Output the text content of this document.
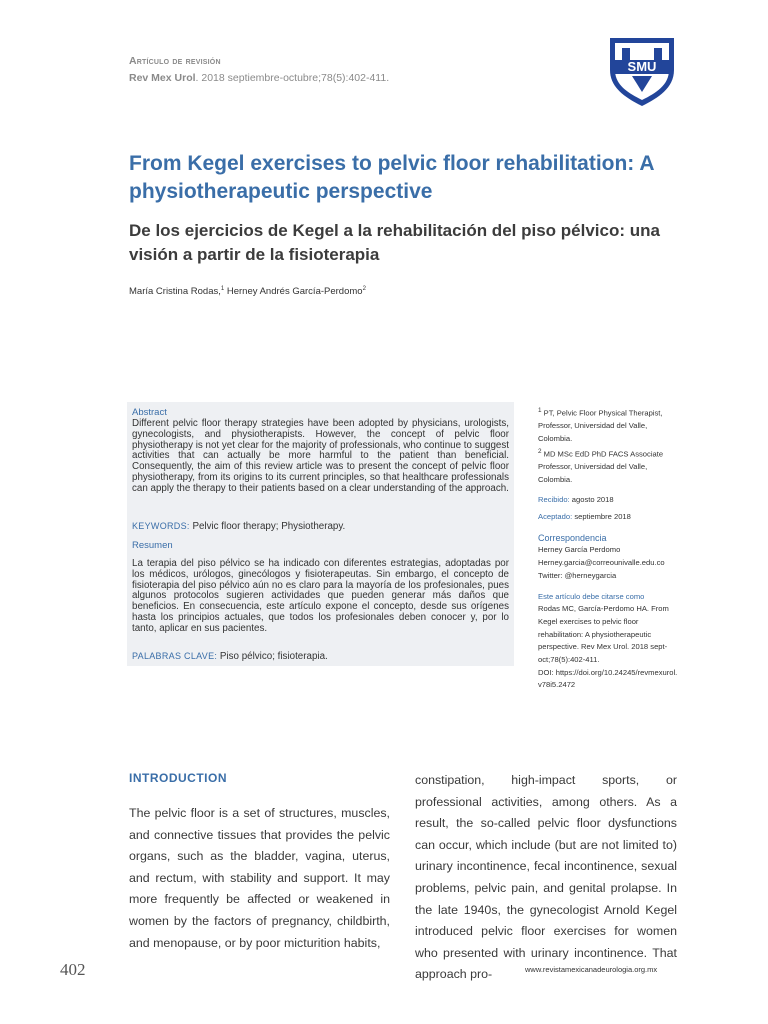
Artículo de revisión
Rev Mex Urol. 2018 septiembre-octubre;78(5):402-411.
SMU
From Kegel exercises to pelvic floor rehabilitation: A physiotherapeutic perspective
De los ejercicios de Kegel a la rehabilitación del piso pélvico: una visión a partir de la fisioterapia
María Cristina Rodas,$^1$ Herney Andrés García-Perdomo$^2$
Abstract
Different pelvic floor therapy strategies have been adopted by physicians, urologists, gynecologists, and physiotherapists. However, the concept of pelvic floor physiotherapy is not yet clear for the majority of professionals, who continue to suggest activities that can actually be more harmful to the patient than beneficial. Consequently, the aim of this review article was to present the concept of pelvic floor physiotherapy, from its origins to its current principles, so that healthcare professionals can apply the therapy to their patients based on a clear understanding of the approach.
KEYWORDS: Pelvic floor therapy; Physiotherapy.
Resumen
La terapia del piso pélvico se ha indicado con diferentes estrategias, adoptadas por los médicos, urólogos, ginecólogos y fisioterapeutas. Sin embargo, el concepto de fisioterapia del piso pélvico aún no es claro para la mayoría de los profesionales, pues algunos protocolos sugieren actividades que pueden generar más daños que beneficios. En consecuencia, este artículo expone el concepto, desde sus orígenes hasta los principios actuales, que todos los profesionales deben conocer y, por lo tanto, aplicar en sus pacientes.
PALABRAS CLAVE: Piso pélvico; fisioterapia.
$^1$ PT, Pelvic Floor Physical Therapist, Professor, Universidad del Valle, Colombia.
$^2$ MD MSc EdD PhD FACS Associate Professor, Universidad del Valle, Colombia.
Recibido: agosto 2018
Aceptado: septiembre 2018
Correspondencia
Herney García Perdomo
Herney.garcia@correounivalle.edu.co
Twitter: @herneygarcia
Este artículo debe citarse como
Rodas MC, García-Perdomo HA. From Kegel exercises to pelvic floor rehabilitation: A physiotherapeutic perspective. Rev Mex Urol. 2018 sept-oct;78(5):402-411.
DOI: https://doi.org/10.24245/revmexurol.v78i5.2472
INTRODUCTION
The pelvic floor is a set of structures, muscles, and connective tissues that provides the pelvic organs, such as the bladder, vagina, uterus, and rectum, with stability and support. It may more frequently be affected or weakened in women by the factors of pregnancy, childbirth, and menopause, or by poor micturition habits,
constipation, high-impact sports, or professional activities, among others. As a result, the so-called pelvic floor dysfunctions can occur, which include (but are not limited to) urinary incontinence, fecal incontinence, sexual problems, pelvic pain, and genital prolapse. In the late 1940s, the gynecologist Arnold Kegel introduced pelvic floor exercises for women who presented with urinary incontinence. That approach pro-
402	www.revistamexicanadeurologia.org.mx
